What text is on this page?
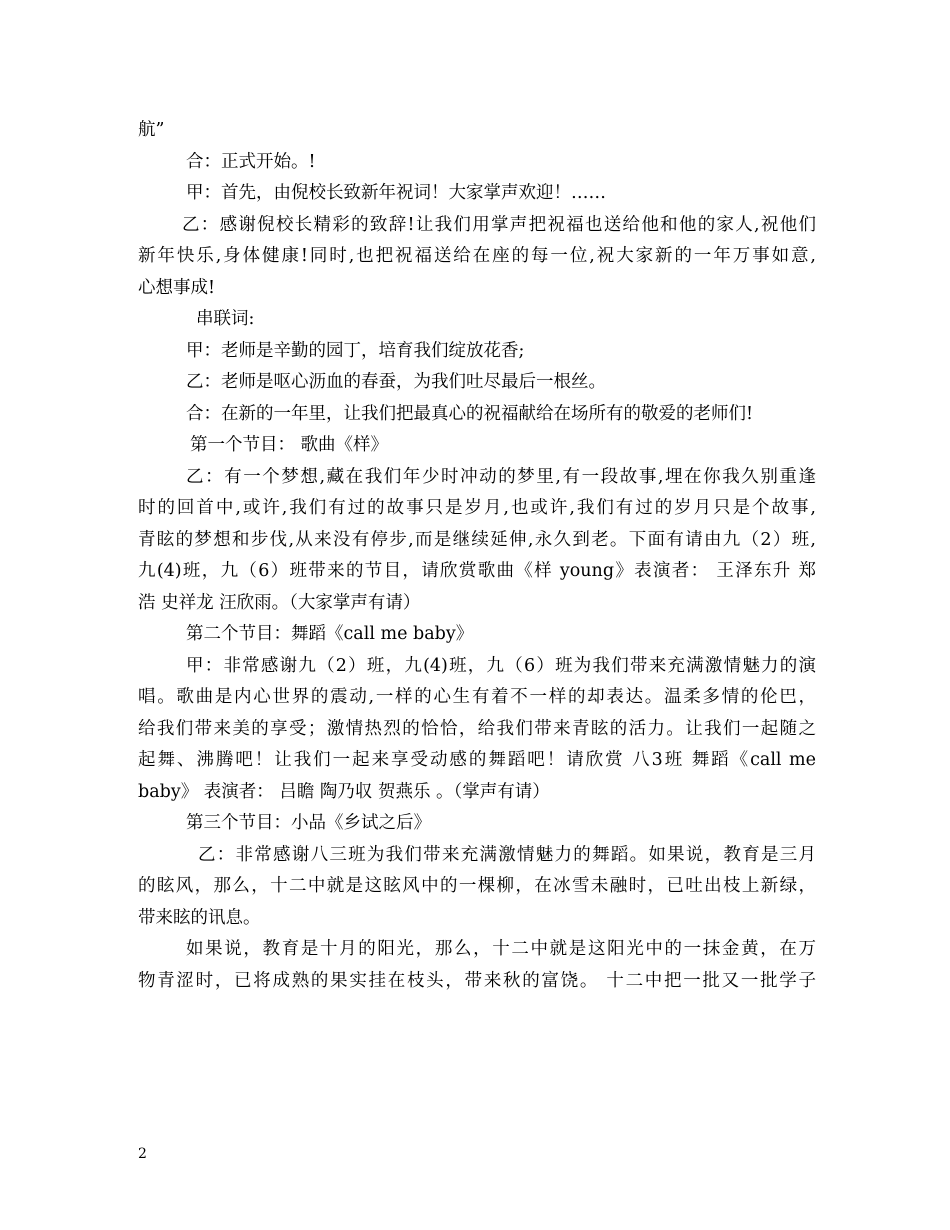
航”

合：正式开始。!

甲：首先，由倪校长致新年祝词！大家掌声欢迎！……

乙：感谢倪校长精彩的致辞!让我们用掌声把祝福也送给他和他的家人,祝他们

新年快乐,身体健康!同时,也把祝福送给在座的每一位,祝大家新的一年万事如意,

心想事成!

串联词:

甲：老师是辛勤的园丁，培育我们绽放花香;

乙：老师是呕心沥血的春蚕，为我们吐尽最后一根丝。

合：在新的一年里，让我们把最真心的祝福献给在场所有的敬爱的老师们!

第一个节目： 歌曲《样》

乙：有一个梦想,藏在我们年少时冲动的梦里,有一段故事,埋在你我久别重逢

时的回首中,或许,我们有过的故事只是岁月,也或许,我们有过的岁月只是个故事,

青眩的梦想和步伐,从来没有停步,而是继续延伸,永久到老。下面有请由九（2）班,

九(4)班，九（6）班带来的节目，请欣赏歌曲《样 young》表演者： 王泽东升 郑

浩 史祥龙 汪欣雨。（大家掌声有请）

第二个节目：舞蹈《call me baby》

甲：非常感谢九（2）班，九(4)班，九（6）班为我们带来充满激情魅力的演

唱。歌曲是内心世界的震动,一样的心生有着不一样的却表达。温柔多情的伦巴，

给我们带来美的享受；激情热烈的恰恰，给我们带来青眩的活力。让我们一起随之

起舞、沸腾吧！让我们一起来享受动感的舞蹈吧！请欣赏 八3班 舞蹈《call me

baby》 表演者： 吕瞻 陶乃収 贺燕乐 。（掌声有请）

第三个节目：小品《乡试之后》

乙：非常感谢八三班为我们带来充满激情魅力的舞蹈。如果说，教育是三月

的眩风，那么，十二中就是这眩风中的一棵柳，在冰雪未融时，已吐出枝上新绿，

带来眩的讯息。

如果说，教育是十月的阳光，那么，十二中就是这阳光中的一抹金黄，在万

物青涩时，已将成熟的果实挂在枝头，带来秋的富饶。 十二中把一批又一批学子

2
